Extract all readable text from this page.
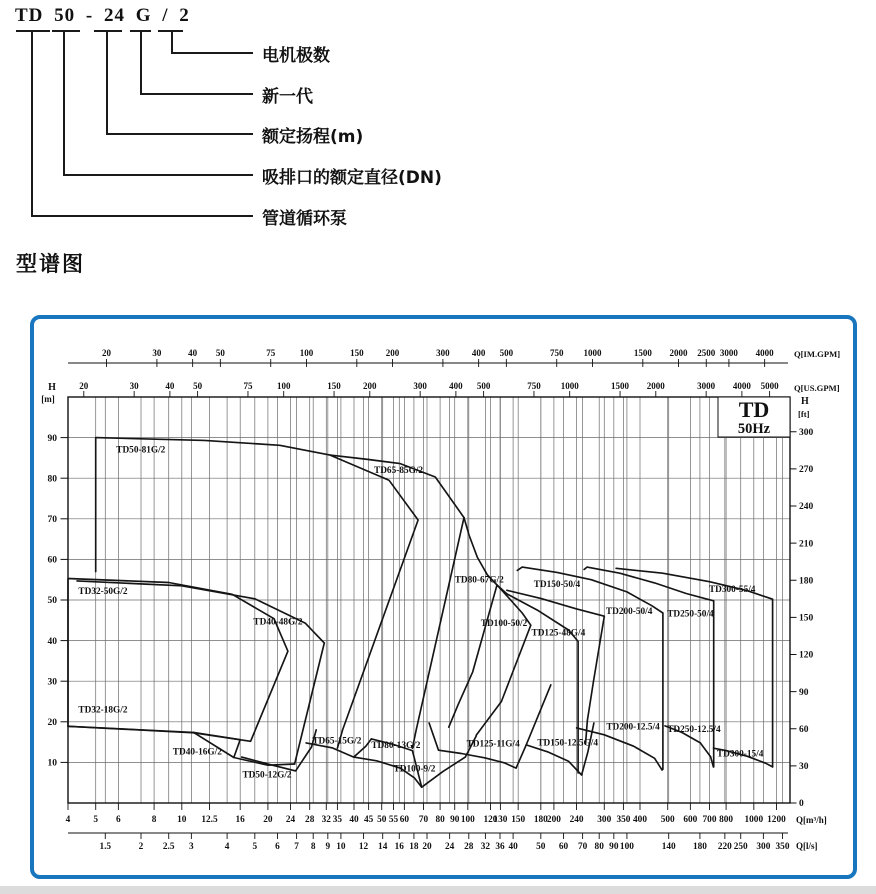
TD 50 - 24 G / 2
电机极数
新一代
额定扬程(m)
吸排口的额定直径(DN)
管道循环泵
型谱图
20	30	40 50	75	100	150 200	300 400 500	750 1000	1500 2000 2500 3000 4000 Q[IM.GPM]
20	30	40 50	75	100	150 200	300 400 500	750 1000	1500 2000	3000 4000 5000 Q[US.GPM]
10
20
30
40
50
60
70
80
90
H
[m]
0
30
60
90
120
150
180
210
240
270
300
H
[ft]
4 5 6	8 10 12.5 16 20 24 28 32 35 40 45 50 55 60 70 80 90 100 120
130 150 180 200 240 300 350 400 500 600 700 800 1000 1200 Q[m³/h]
1.5	2 2.5 3	4 5 6 7 8 9 10 12 14 16 18 20 24 28 32 36 40 50 60 70 80 90 100	140 180 220 250 300 350 Q[l/s]
TD50-81G/2
TD65-85G/2
TD32-50G/2
TD40-48G/2
TD32-18G/2
TD40-16G/2
TD50-12G/2
TD65-15G/2 TD80-13G/2
TD100-9/2
TD80-67G/2
TD100-50/2
TD125-48G/4
TD125-11G/4
TD150-50/4
TD150-12.5G/4
TD200-50/4
TD200-12.5/4
TD250-50/4
TD250-12.5/4
TD300-55/4
TD300-15/4
TD
50Hz
